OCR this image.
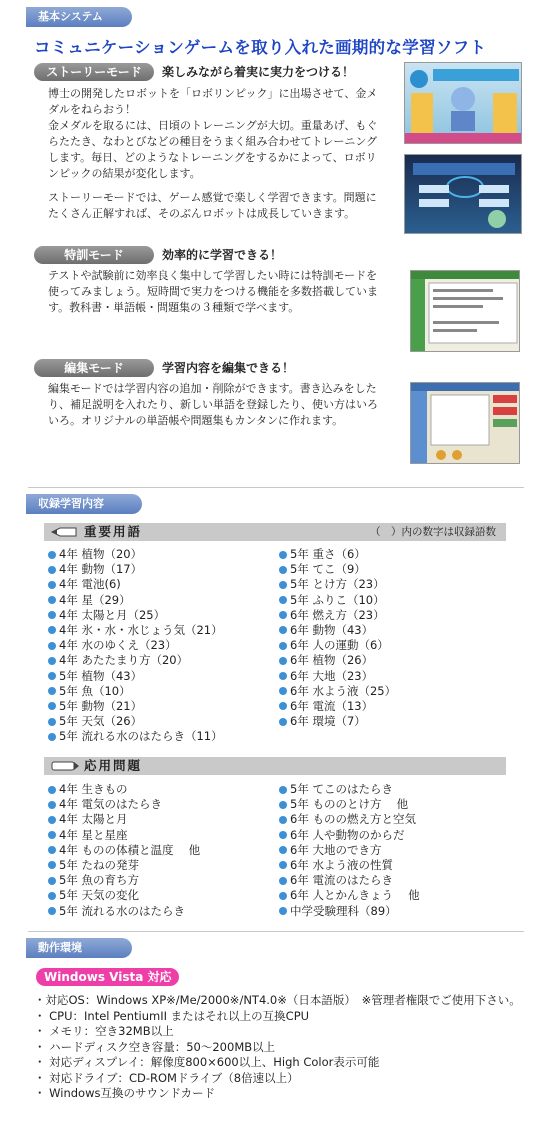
基本システム
コミュニケーションゲームを取り入れた画期的な学習ソフト
ストーリーモード	楽しみながら着実に実力をつける！

博士の開発したロボットを「ロボリンピック」に出場させて、金メダルをねらおう！
金メダルを取るには、日頃のトレーニングが大切。重量あげ、もぐらたたき、なわとびなどの種目をうまく組み合わせてトレーニングします。毎日、どのようなトレーニングをするかによって、ロボリンピックの結果が変化します。

ストーリーモードでは、ゲーム感覚で楽しく学習できます。問題にたくさん正解すれば、そのぶんロボットは成長していきます。

特訓モード	効率的に学習できる！

テストや試験前に効率良く集中して学習したい時には特訓モードを使ってみましょう。短時間で実力をつける機能を多数搭載しています。教科書・単語帳・問題集の３種類で学べます。

編集モード	学習内容を編集できる！

編集モードでは学習内容の追加・削除ができます。書き込みをしたり、補足説明を入れたり、新しい単語を登録したり、使い方はいろいろ。オリジナルの単語帳や問題集もカンタンに作れます。

収録学習内容
重要用語	（　）内の数字は収録語数
4年 植物（20）
4年 動物（17）
4年 電池(6)
4年 星（29）
4年 太陽と月（25）
4年 氷・水・水じょう気（21）
4年 水のゆくえ（23）
4年 あたたまり方（20）
5年 植物（43）
5年 魚（10）
5年 動物（21）
5年 天気（26）
5年 流れる水のはたらき（11）
5年 重さ（6）
5年 てこ（9）
5年 とけ方（23）
5年 ふりこ（10）
6年 燃え方（23）
6年 動物（43）
6年 人の運動（6）
6年 植物（26）
6年 大地（23）
6年 水よう液（25）
6年 電流（13）
6年 環境（7）
応用問題
4年 生きもの
4年 電気のはたらき
4年 太陽と月
4年 星と星座
4年 ものの体積と温度　 他
5年 たねの発芽
5年 魚の育ち方
5年 天気の変化
5年 流れる水のはたらき
5年 てこのはたらき
5年 もののとけ方　 他
6年 ものの燃え方と空気
6年 人や動物のからだ
6年 大地のでき方
6年 水よう液の性質
6年 電流のはたらき
6年 人とかんきょう　 他
中学受験理科（89）
動作環境
Windows Vista 対応
・対応OS：Windows XP※/Me/2000※/NT4.0※（日本語版）　※管理者権限でご使用下さい。
・ CPU：Intel PentiumII またはそれ以上の互換CPU
・ メモリ：空き32MB以上
・ ハードディスク空き容量：50～200MB以上
・ 対応ディスプレイ：解像度800×600以上、High Color表示可能
・ 対応ドライブ：CD-ROMドライブ（8倍速以上）
・ Windows互換のサウンドカード
